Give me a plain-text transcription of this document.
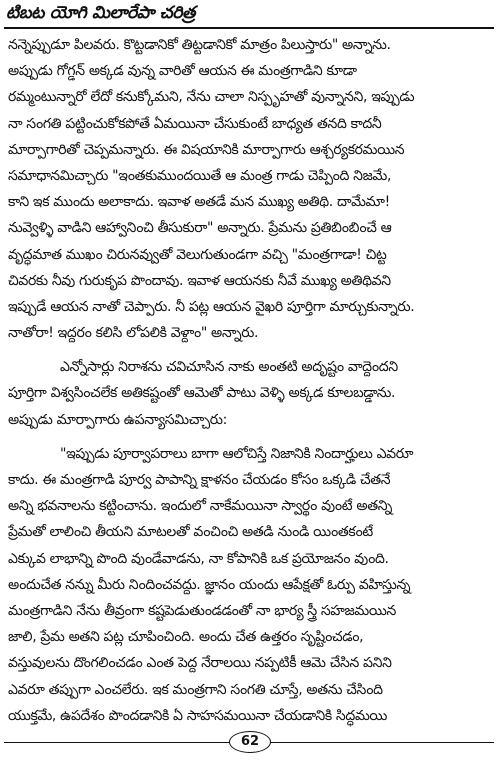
టిబట యోగి మిలారేపా చరిత్ర
నన్నెప్పుడూ పిలవరు. కొట్టడానికో తిట్టడానికో మాత్రం పిలుస్తారు" అన్నాను.
అప్పుడు గోగ్డన్ అక్కడ వున్న వారితో ఆయన ఈ మంత్రగాడిని కూడా
రమ్మంటున్నారో లేదో కనుక్కోమని, నేను చాలా నిస్పృహతో వున్నానని, ఇప్పుడు
నా సంగతి పట్టించుకోకపోతే ఏమయినా చేసుకుంటే బాధ్యత తనది కాదనీ
మార్పాగారితో చెప్పమన్నారు. ఈ విషయానికి మార్పాగారు ఆశ్చర్యకరమయిన
సమాధానమిచ్చారు "ఇంతకుముందయితే ఆ మంత్ర గాడు చెప్పింది నిజమే,
కాని ఇక ముందు అలాకాదు. ఇవాళ అతడే మన ముఖ్య అతిథి. దామేమా!
నువ్వెళ్ళి వాడిని ఆహ్వానించి తీసుకురా" అన్నారు. ప్రేమను ప్రతిబింబించే ఆ
వృద్ధమాత ముఖం చిరునవ్వుతో వెలుగుతుండగా వచ్చి "మంత్రగాడా! చిట్ట
చివరకు నీవు గురుకృప పొందావు. ఇవాళ ఆయనకు నీవే ముఖ్య అతిథివని
ఇప్పుడే ఆయన నాతో చెప్పారు. నీ పట్ల ఆయన వైఖరి పూర్తిగా మార్చుకున్నారు.
నాతోరా! ఇద్దరం కలిసి లోపలికి వెళ్దాం" అన్నారు.
ఎన్నోసార్లు నిరాశను చవిచూసిన నాకు అంతటి అదృష్టం వాద్దెందని
పూర్తిగా విశ్వసించలేక అతికష్టంతో ఆమెతో పాటు వెళ్ళి అక్కడ కూలబడ్డాను.
అప్పుడు మార్పాగారు ఉపన్యాసమిచ్చారు:
"ఇప్పుడు పూర్వాపరాలు బాగా ఆలోచిస్తే నిజానికి నిందార్హులు ఎవరూ
కాదు. ఈ మంత్రగాడి పూర్వ పాపాన్ని క్షాళనం చేయడం కోసం ఒక్కడి చేతనే
అన్ని భవనాలను కట్టించాను. ఇందులో నాకేమయినా స్వార్థం వుంటే అతన్ని
ప్రేమతో లాలించి తీయని మాటలతో వంచించి అతడి నుండి యింతకంటే
ఎక్కువ లాభాన్ని పొంది వుండేవాడను, నా కోపానికి ఒక ప్రయోజనం వుంది.
అందుచేత నన్ను మీరు నిందించవద్దు. జ్ఞానం యందు ఆపేక్షతో ఓర్పు వహిస్తున్న
మంత్రగాడిని నేను తీవ్రంగా కష్టపెడుతుండడంతో నా భార్య స్త్రీ సహజమయిన
జాలి, ప్రేమ అతని పట్ల చూపించింది. అందు చేత ఉత్తరం సృష్టించడం,
వస్తువులను దొంగలించడం ఎంత పెద్ద నేరాలయి నప్పటికీ ఆమె చేసిన పనిని
ఎవరూ తప్పుగా ఎంచలేరు. ఇక మంత్రగాని సంగతి చూస్తే, అతను చేసింది
యుక్తమే, ఉపదేశం పొందడానికి ఏ సాహసమయినా చేయడానికి సిద్ధమయి
62
